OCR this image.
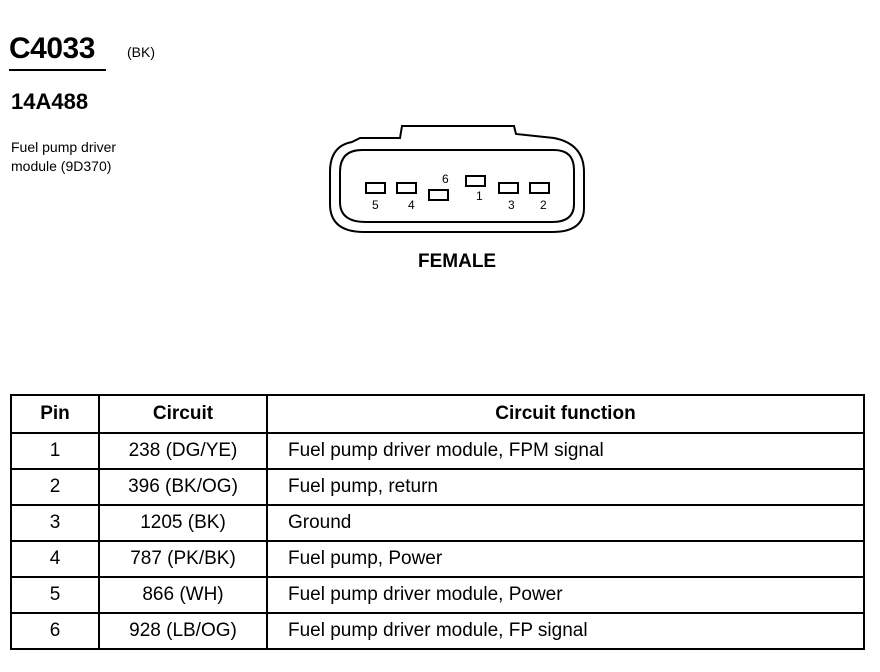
C4033 (BK)
14A488
Fuel pump driver
module (9D370)
5 4
6
1
3 2
FEMALE
Pin	Circuit	Circuit function
1	238 (DG/YE)	Fuel pump driver module, FPM signal
2	396 (BK/OG)	Fuel pump, return
3	1205 (BK)	Ground
4	787 (PK/BK)	Fuel pump, Power
5	866 (WH)	Fuel pump driver module, Power
6	928 (LB/OG)	Fuel pump driver module, FP signal
